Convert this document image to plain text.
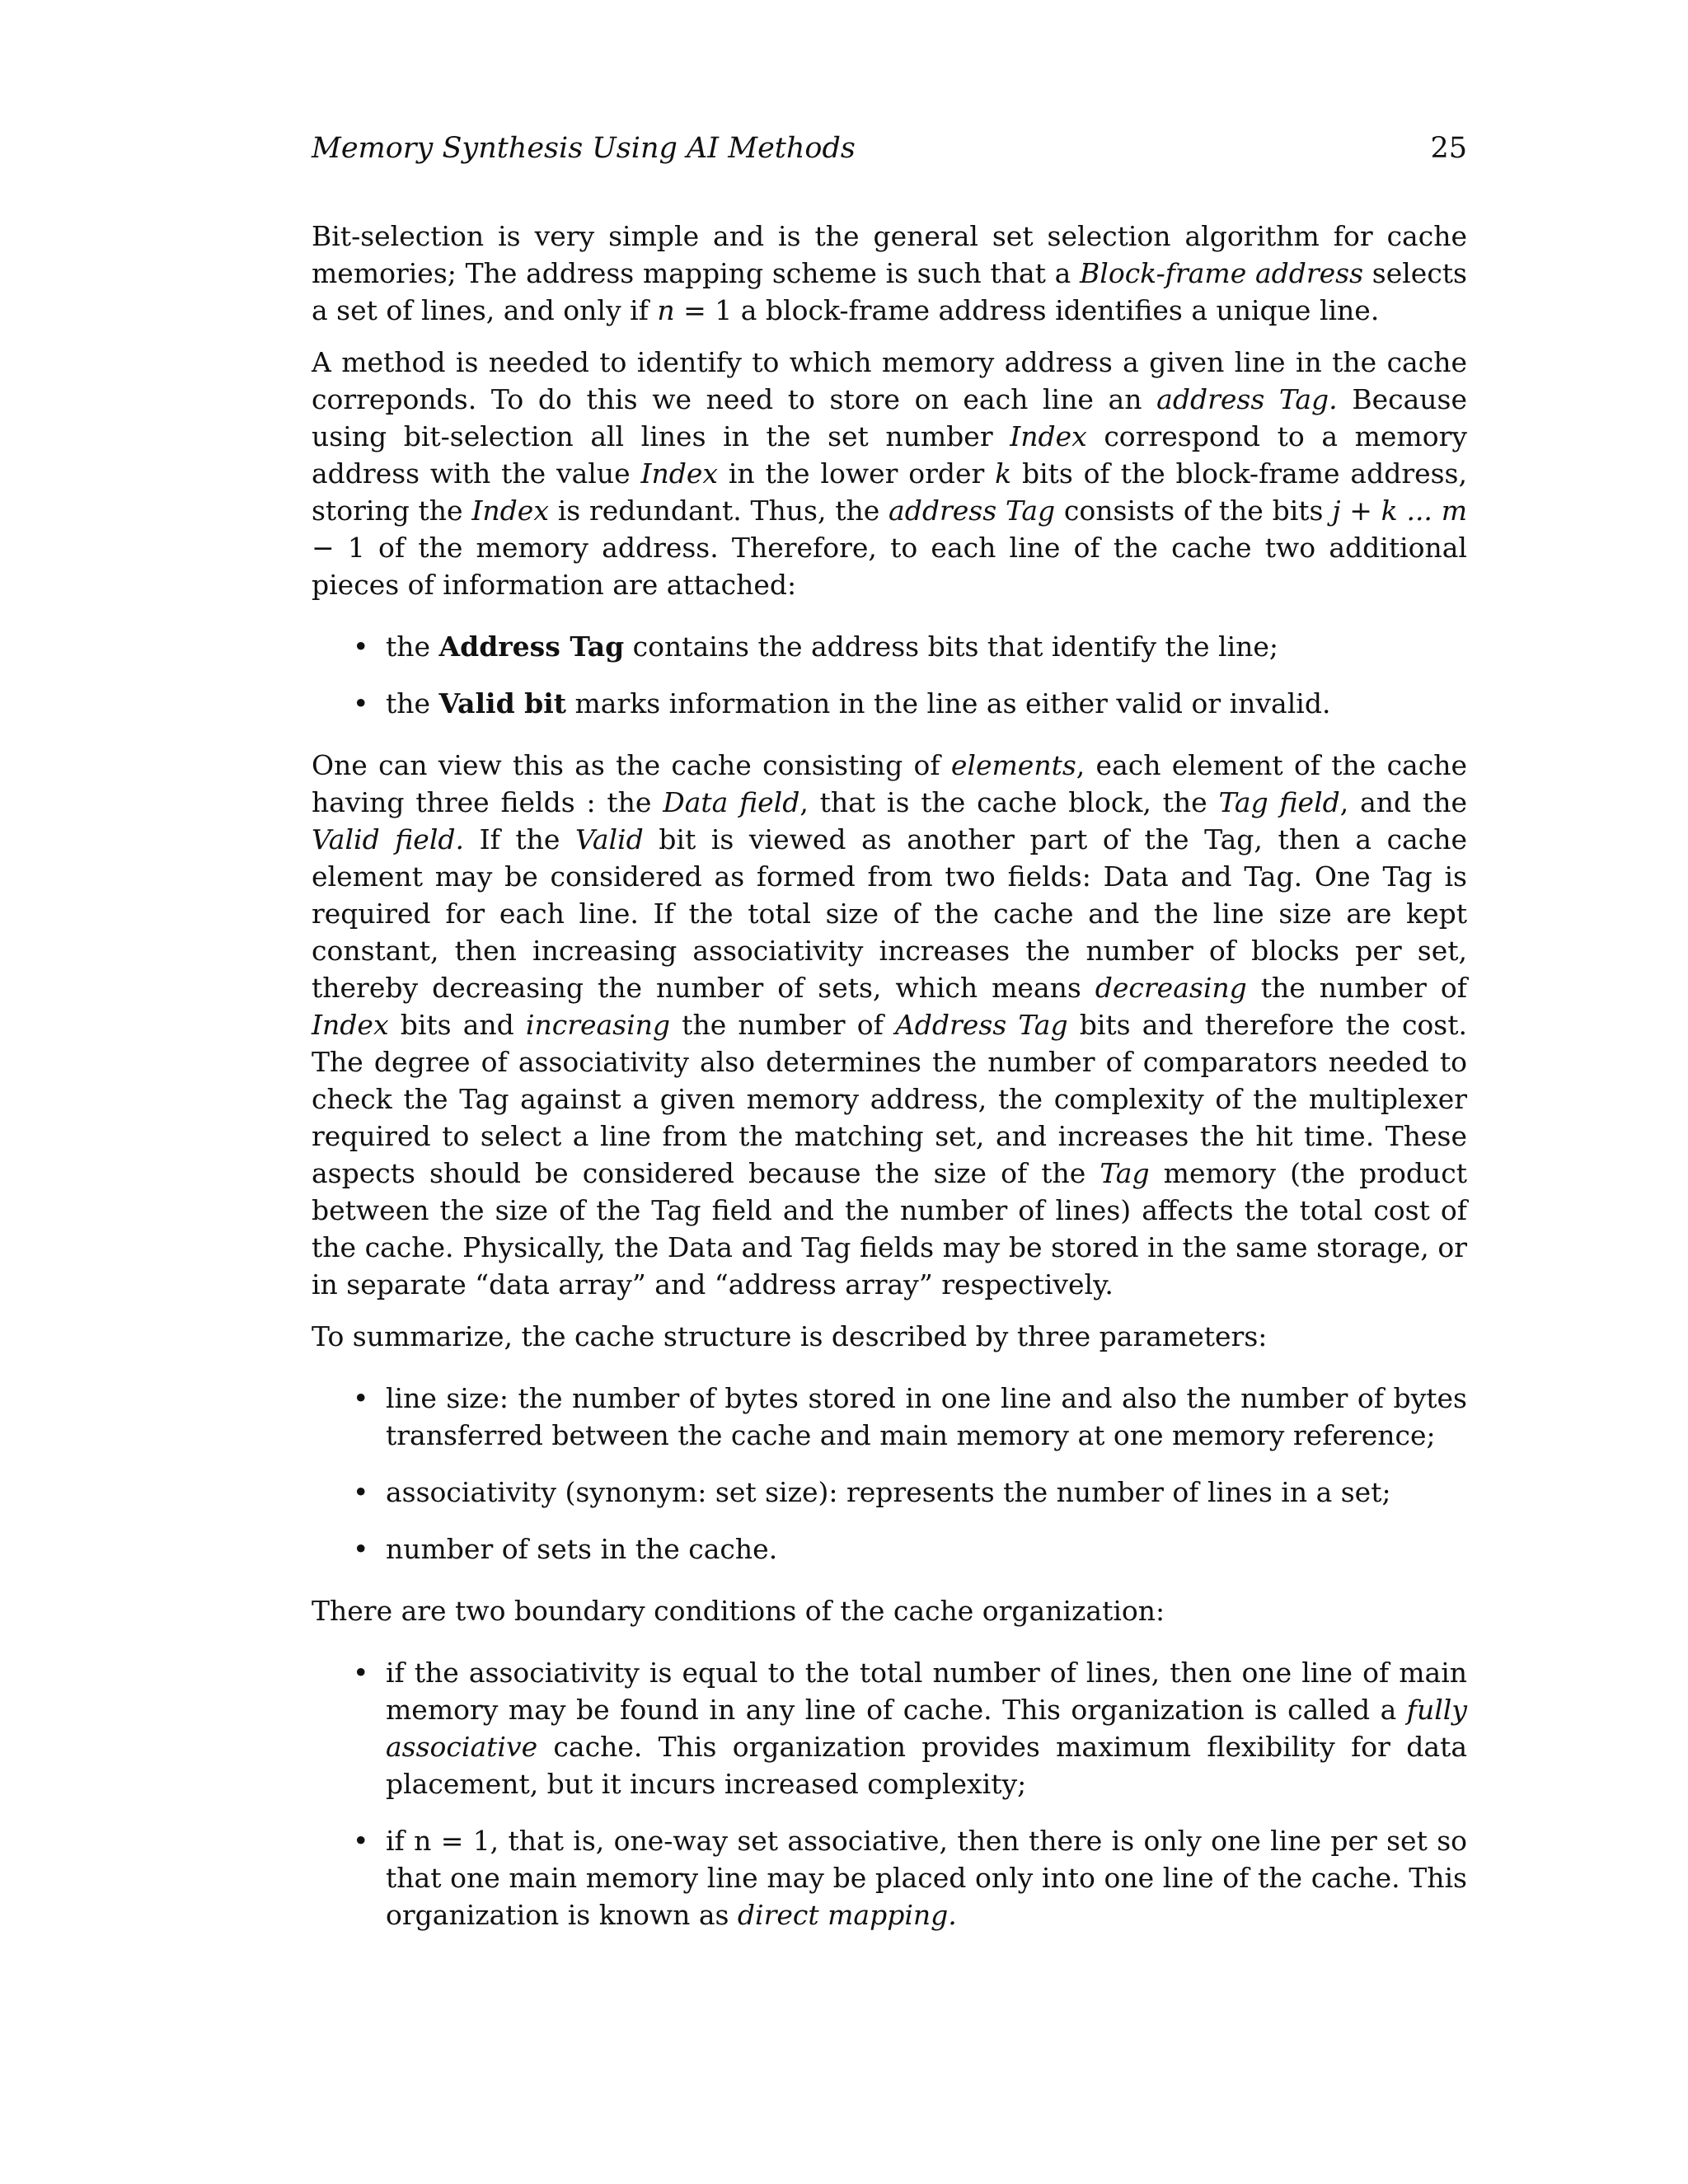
Memory Synthesis Using AI Methods	25

Bit-selection is very simple and is the general set selection algorithm for cache memories; The address mapping scheme is such that a Block-frame address selects a set of lines, and only if n = 1 a block-frame address identifies a unique line.

A method is needed to identify to which memory address a given line in the cache correponds. To do this we need to store on each line an address Tag. Because using bit-selection all lines in the set number Index correspond to a memory address with the value Index in the lower order k bits of the block-frame address, storing the Index is redundant. Thus, the address Tag consists of the bits j + k ... m − 1 of the memory address. Therefore, to each line of the cache two additional pieces of information are attached:

• the Address Tag contains the address bits that identify the line;
• the Valid bit marks information in the line as either valid or invalid.

One can view this as the cache consisting of elements, each element of the cache having three fields : the Data field, that is the cache block, the Tag field, and the Valid field. If the Valid bit is viewed as another part of the Tag, then a cache element may be considered as formed from two fields: Data and Tag. One Tag is required for each line. If the total size of the cache and the line size are kept constant, then increasing associativity increases the number of blocks per set, thereby decreasing the number of sets, which means decreasing the number of Index bits and increasing the number of Address Tag bits and therefore the cost. The degree of associativity also determines the number of comparators needed to check the Tag against a given memory address, the complexity of the multiplexer required to select a line from the matching set, and increases the hit time. These aspects should be considered because the size of the Tag memory (the product between the size of the Tag field and the number of lines) affects the total cost of the cache. Physically, the Data and Tag fields may be stored in the same storage, or in separate “data array” and “address array” respectively.

To summarize, the cache structure is described by three parameters:

• line size: the number of bytes stored in one line and also the number of bytes transferred between the cache and main memory at one memory reference;
• associativity (synonym: set size): represents the number of lines in a set;
• number of sets in the cache.

There are two boundary conditions of the cache organization:

• if the associativity is equal to the total number of lines, then one line of main memory may be found in any line of cache. This organization is called a fully associative cache. This organization provides maximum flexibility for data placement, but it incurs increased complexity;
• if n = 1, that is, one-way set associative, then there is only one line per set so that one main memory line may be placed only into one line of the cache. This organization is known as direct mapping.
